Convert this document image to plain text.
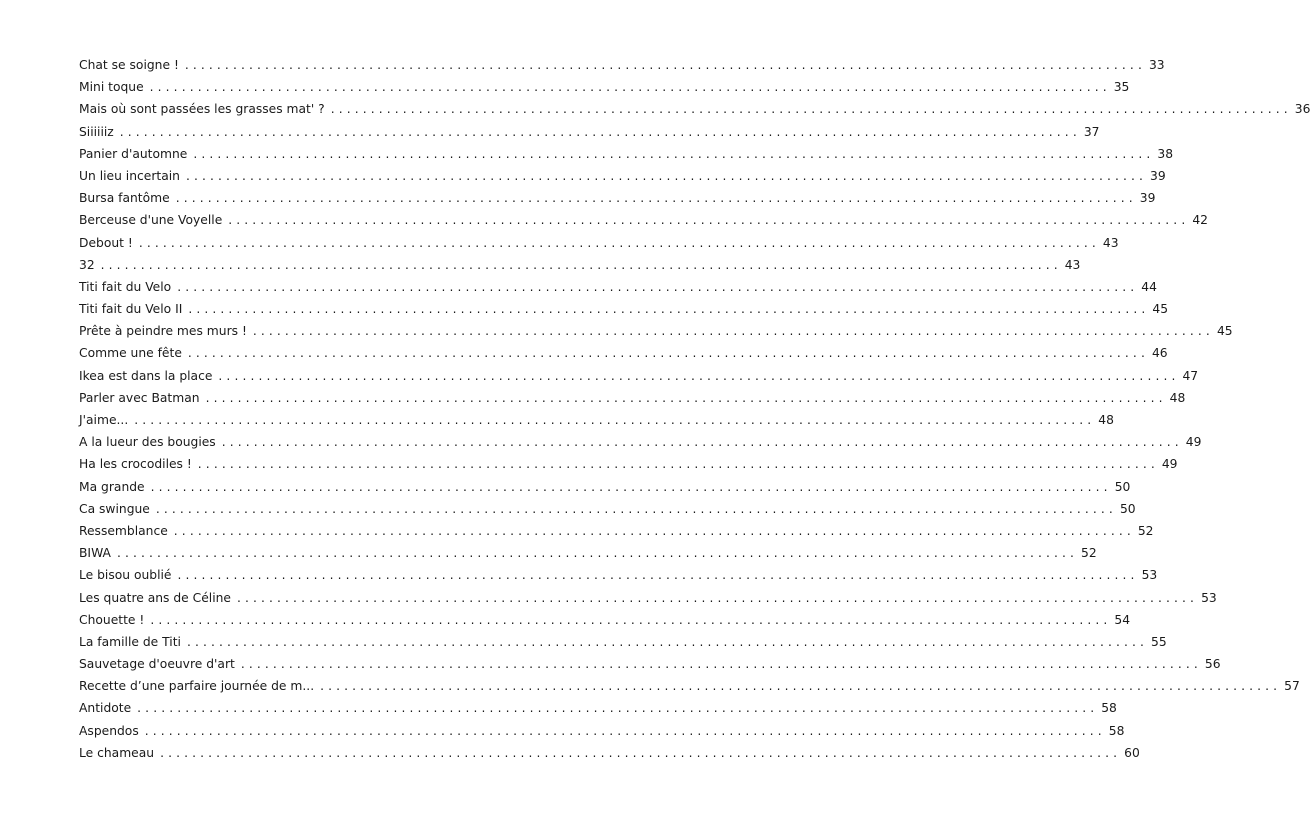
Chat se soigne ! ........................................................................................................................ 33
Mini toque ........................................................................................................................ 35
Mais où sont passées les grasses mat' ? ........................................................................................................................ 36
Siiiiiiz ........................................................................................................................ 37
Panier d'automne ........................................................................................................................ 38
Un lieu incertain ........................................................................................................................ 39
Bursa fantôme ........................................................................................................................ 39
Berceuse d'une Voyelle ........................................................................................................................ 42
Debout ! ........................................................................................................................ 43
32 ........................................................................................................................ 43
Titi fait du Velo ........................................................................................................................ 44
Titi fait du Velo II ........................................................................................................................ 45
Prête à peindre mes murs ! ........................................................................................................................ 45
Comme une fête ........................................................................................................................ 46
Ikea est dans la place ........................................................................................................................ 47
Parler avec Batman ........................................................................................................................ 48
J'aime... ........................................................................................................................ 48
A la lueur des bougies ........................................................................................................................ 49
Ha les crocodiles ! ........................................................................................................................ 49
Ma grande ........................................................................................................................ 50
Ca swingue ........................................................................................................................ 50
Ressemblance ........................................................................................................................ 52
BIWA ........................................................................................................................ 52
Le bisou oublié ........................................................................................................................ 53
Les quatre ans de Céline ........................................................................................................................ 53
Chouette ! ........................................................................................................................ 54
La famille de Titi ........................................................................................................................ 55
Sauvetage d'oeuvre d'art ........................................................................................................................ 56
Recette d’une parfaire journée de m... ........................................................................................................................ 57
Antidote ........................................................................................................................ 58
Aspendos ........................................................................................................................ 58
Le chameau ........................................................................................................................ 60
